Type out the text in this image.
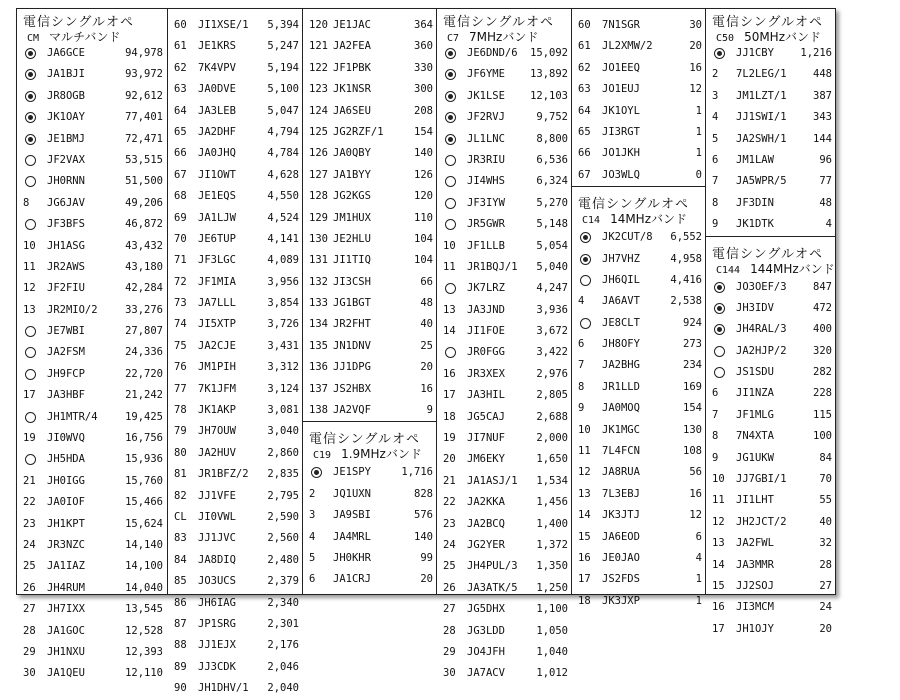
電信シングルオペ
CM マルチバンド
JA6GCE	94,978
JA1BJI	93,972
JR8OGB	92,612
JK1OAY	77,401
JE1BMJ	72,471
JF2VAX	53,515
JH0RNN	51,500
8	JG6JAV	49,206
JF3BFS	46,872
10	JH1ASG	43,432
11	JR2AWS	43,180
12	JF2FIU	42,284
13	JR2MIO/2	33,276
JE7WBI	27,807
JA2FSM	24,336
JH9FCP	22,720
17	JA3HBF	21,242
JH1MTR/4	19,425
19	JI0WVQ	16,756
JH5HDA	15,936
21	JH0IGG	15,760
22	JA0IOF	15,466
23	JH1KPT	15,624
24	JR3NZC	14,140
25	JA1IAZ	14,100
26	JH4RUM	14,040
27	JH7IXX	13,545
28	JA1GOC	12,528
29	JH1NXU	12,393
30	JA1QEU	12,110
60	JI1XSE/1 5,394
61	JE1KRS	5,247
62	7K4VPV	5,194
63	JA0DVE	5,100
64	JA3LEB	5,047
65	JA2DHF	4,794
66	JA0JHQ	4,784
67	JI1OWT	4,628
68	JE1EQS	4,550
69	JA1LJW	4,524
70	JE6TUP	4,141
71	JF3LGC	4,089
72	JF1MIA	3,956
73	JA7LLL	3,854
74	JI5XTP	3,726
75	JA2CJE	3,431
76	JM1PIH	3,312
77	7K1JFM	3,124
78	JK1AKP	3,081
79	JH7OUW	3,040
80	JA2HUV	2,860
81	JR1BFZ/2 2,835
82	JJ1VFE	2,795
CL	JI0VWL	2,590
83	JJ1JVC	2,560
84	JA8DIQ	2,480
85	JO3UCS	2,379
86	JH6IAG	2,340
87	JP1SRG	2,301
88	JJ1EJX	2,176
89	JJ3CDK	2,046
90	JH1DHV/1 2,040
120 JE1JAC	364
121 JA2FEA	360
122 JF1PBK	330
123 JK1NSR	300
124 JA6SEU	208
125 JG2RZF/1	154
126 JA0QBY	140
127 JA1BYY	126
128 JG2KGS	120
129 JM1HUX	110
130 JE2HLU	104
131 JI1TIQ	104
132 JI3CSH	66
133 JG1BGT	48
134 JR2FHT	40
135 JN1DNV	25
136 JJ1DPG	20
137 JS2HBX	16
138 JA2VQF	9
電信シングルオペ
C19 1.9MHzバンド
JE1SPY	1,716
2	JQ1UXN	828
3	JA9SBI	576
4	JA4MRL	140
5	JH0KHR	99
6	JA1CRJ	20
電信シングルオペ
C7 7MHzバンド
JE6DND/6 15,092
JF6YME 13,892
JK1LSE 12,103
JF2RVJ	9,752
JL1LNC	8,800
JR3RIU	6,536
JI4WHS	6,324
JF3IYW	5,270
JR5GWR	5,148
10	JF1LLB	5,054
11	JR1BQJ/1 5,040
JK7LRZ	4,247
13	JA3JND	3,936
14	JI1FOE	3,672
JR0FGG	3,422
16	JR3XEX	2,976
17	JA3HIL	2,805
18	JG5CAJ	2,688
19	JI7NUF	2,000
20	JM6EKY	1,650
21	JA1ASJ/1 1,534
22	JA2KKA	1,456
23	JA2BCQ	1,400
24	JG2YER	1,372
25	JH4PUL/3 1,350
26	JA3ATK/5 1,250
27	JG5DHX	1,100
28	JG3LDD	1,050
29	JO4JFH	1,040
30	JA7ACV	1,012
60	7N1SGR	30
61	JL2XMW/2	20
62	JO1EEQ	16
63	JO1EUJ	12
64	JK1OYL	1
65	JI3RGT	1
66	JO1JKH	1
67	JO3WLQ	0
電信シングルオペ
C14 14MHzバンド
JK2CUT/8 6,552
JH7VHZ	4,958
JH6QIL	4,416
4	JA6AVT	2,538
JE8CLT	924
6	JH8OFY	273
7	JA2BHG	234
8	JR1LLD	169
9	JA0MOQ	154
10	JK1MGC	130
11	7L4FCN	108
12	JA8RUA	56
13	7L3EBJ	16
14	JK3JTJ	12
15	JA6EOD	6
16	JE0JAO	4
17	JS2FDS	1
18	JK3JXP	1
電信シングルオペ
C50 50MHzバンド
JJ1CBY	1,216
2	7L2LEG/1	448
3	JM1LZT/1	387
4	JJ1SWI/1	343
5	JA2SWH/1	144
6	JM1LAW	96
7	JA5WPR/5	77
8	JF3DIN	48
9	JK1DTK	4
電信シングルオペ
C144 144MHzバンド
JO3OEF/3	847
JH3IDV	472
JH4RAL/3	400
JA2HJP/2	320
JS1SDU	282
6	JI1NZA	228
7	JF1MLG	115
8	7N4XTA	100
9	JG1UKW	84
10	JJ7GBI/1	70
11	JI1LHT	55
12	JH2JCT/2	40
13	JA2FWL	32
14	JA3MMR	28
15	JJ2SOJ	27
16	JI3MCM	24
17	JH1OJY	20
